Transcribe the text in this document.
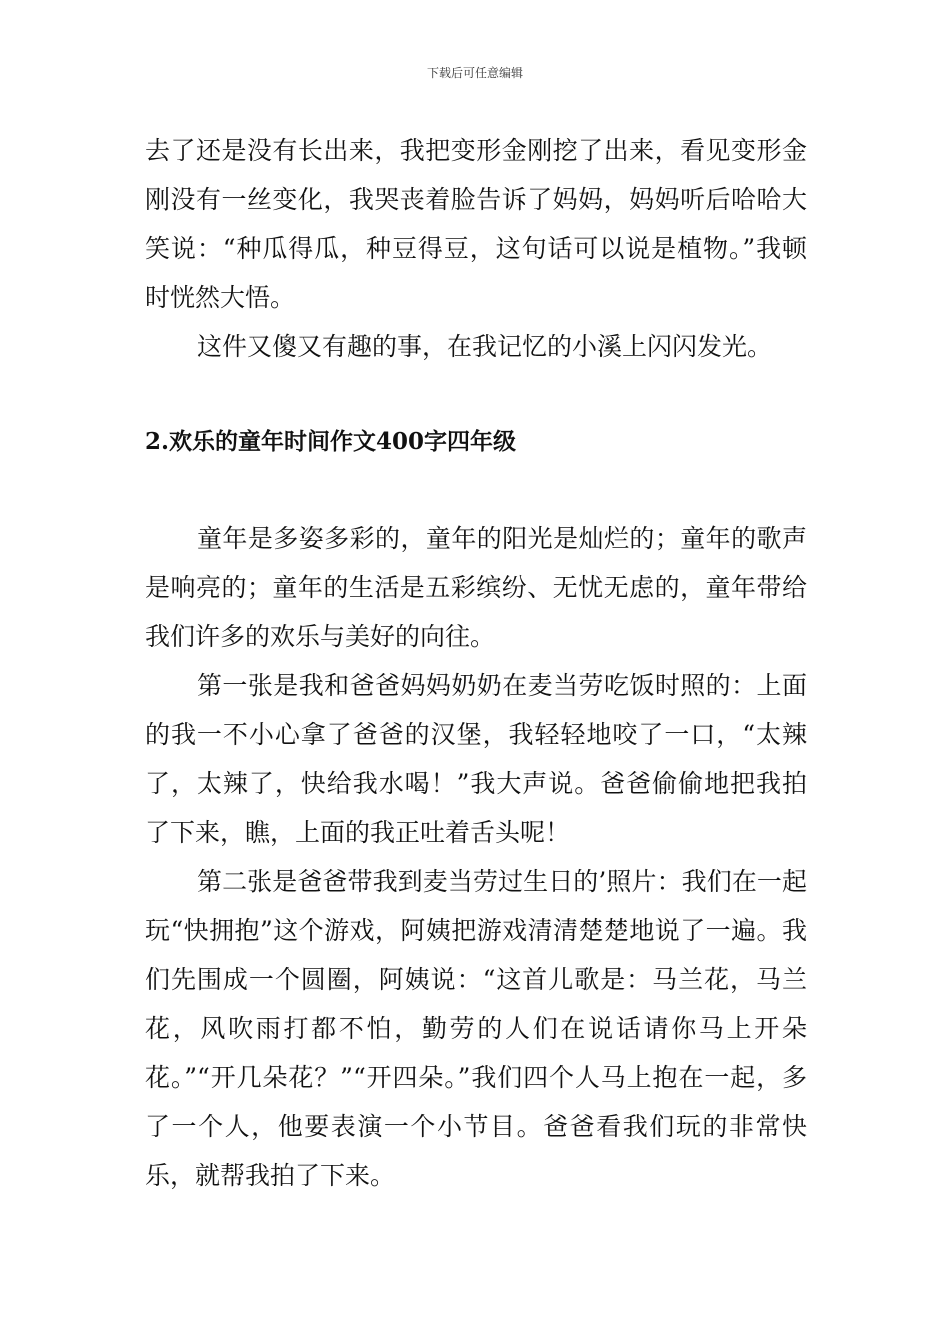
下载后可任意编辑

去了还是没有长出来，我把变形金刚挖了出来，看见变形金刚没有一丝变化，我哭丧着脸告诉了妈妈，妈妈听后哈哈大笑说：“种瓜得瓜，种豆得豆，这句话可以说是植物。”我顿时恍然大悟。

这件又傻又有趣的事，在我记忆的小溪上闪闪发光。

2.欢乐的童年时间作文400字四年级

童年是多姿多彩的，童年的阳光是灿烂的；童年的歌声是响亮的；童年的生活是五彩缤纷、无忧无虑的，童年带给我们许多的欢乐与美好的向往。

第一张是我和爸爸妈妈奶奶在麦当劳吃饭时照的：上面的我一不小心拿了爸爸的汉堡，我轻轻地咬了一口，“太辣了，太辣了，快给我水喝！”我大声说。爸爸偷偷地把我拍了下来，瞧，上面的我正吐着舌头呢！

第二张是爸爸带我到麦当劳过生日的’照片：我们在一起玩“快拥抱”这个游戏，阿姨把游戏清清楚楚地说了一遍。我们先围成一个圆圈，阿姨说：“这首儿歌是：马兰花，马兰花，风吹雨打都不怕，勤劳的人们在说话请你马上开朵花。”“开几朵花？”“开四朵。”我们四个人马上抱在一起，多了一个人，他要表演一个小节目。爸爸看我们玩的非常快乐，就帮我拍了下来。
